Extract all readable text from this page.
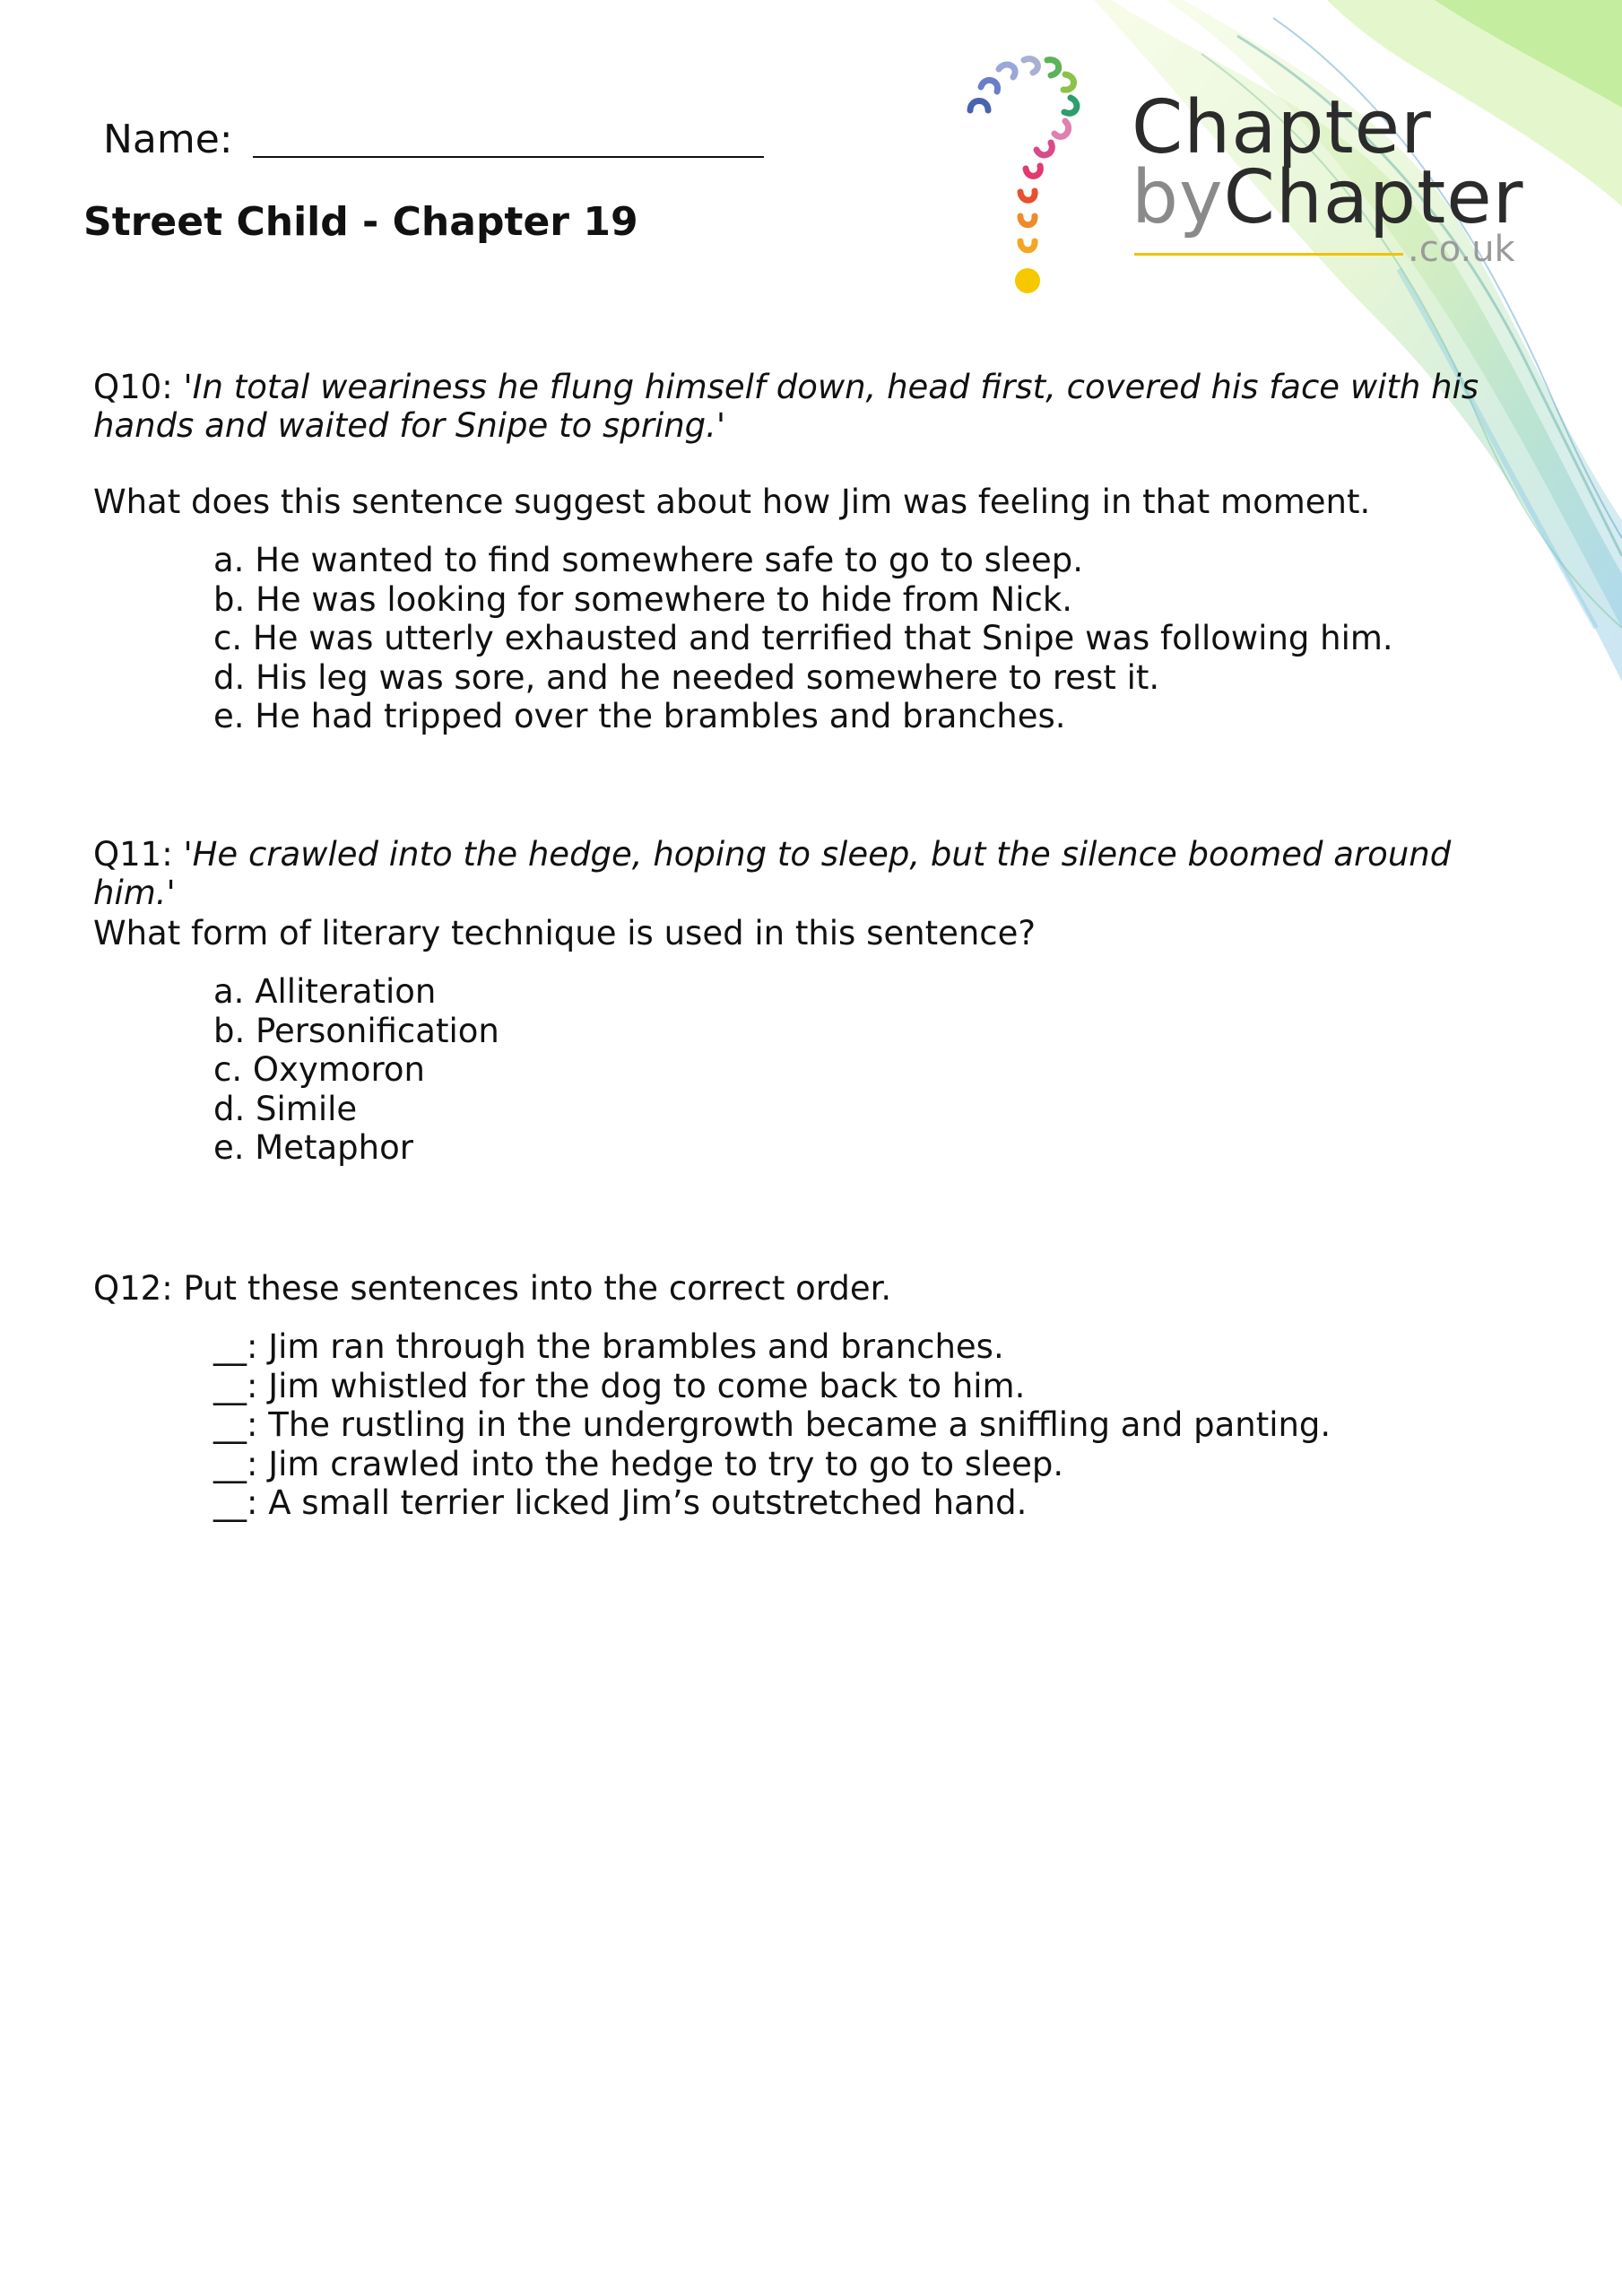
Chapter
byChapter
.co.uk
Name:
Street Child - Chapter 19
Q10: 'In total weariness he flung himself down, head first, covered his face with his hands and waited for Snipe to spring.'
What does this sentence suggest about how Jim was feeling in that moment.
a. He wanted to find somewhere safe to go to sleep.
b. He was looking for somewhere to hide from Nick.
c. He was utterly exhausted and terrified that Snipe was following him.
d. His leg was sore, and he needed somewhere to rest it.
e. He had tripped over the brambles and branches.
Q11: 'He crawled into the hedge, hoping to sleep, but the silence boomed around him.'
What form of literary technique is used in this sentence?
a. Alliteration
b. Personification
c. Oxymoron
d. Simile
e. Metaphor
Q12: Put these sentences into the correct order.
__: Jim ran through the brambles and branches.
__: Jim whistled for the dog to come back to him.
__: The rustling in the undergrowth became a sniffling and panting.
__: Jim crawled into the hedge to try to go to sleep.
__: A small terrier licked Jim’s outstretched hand.
